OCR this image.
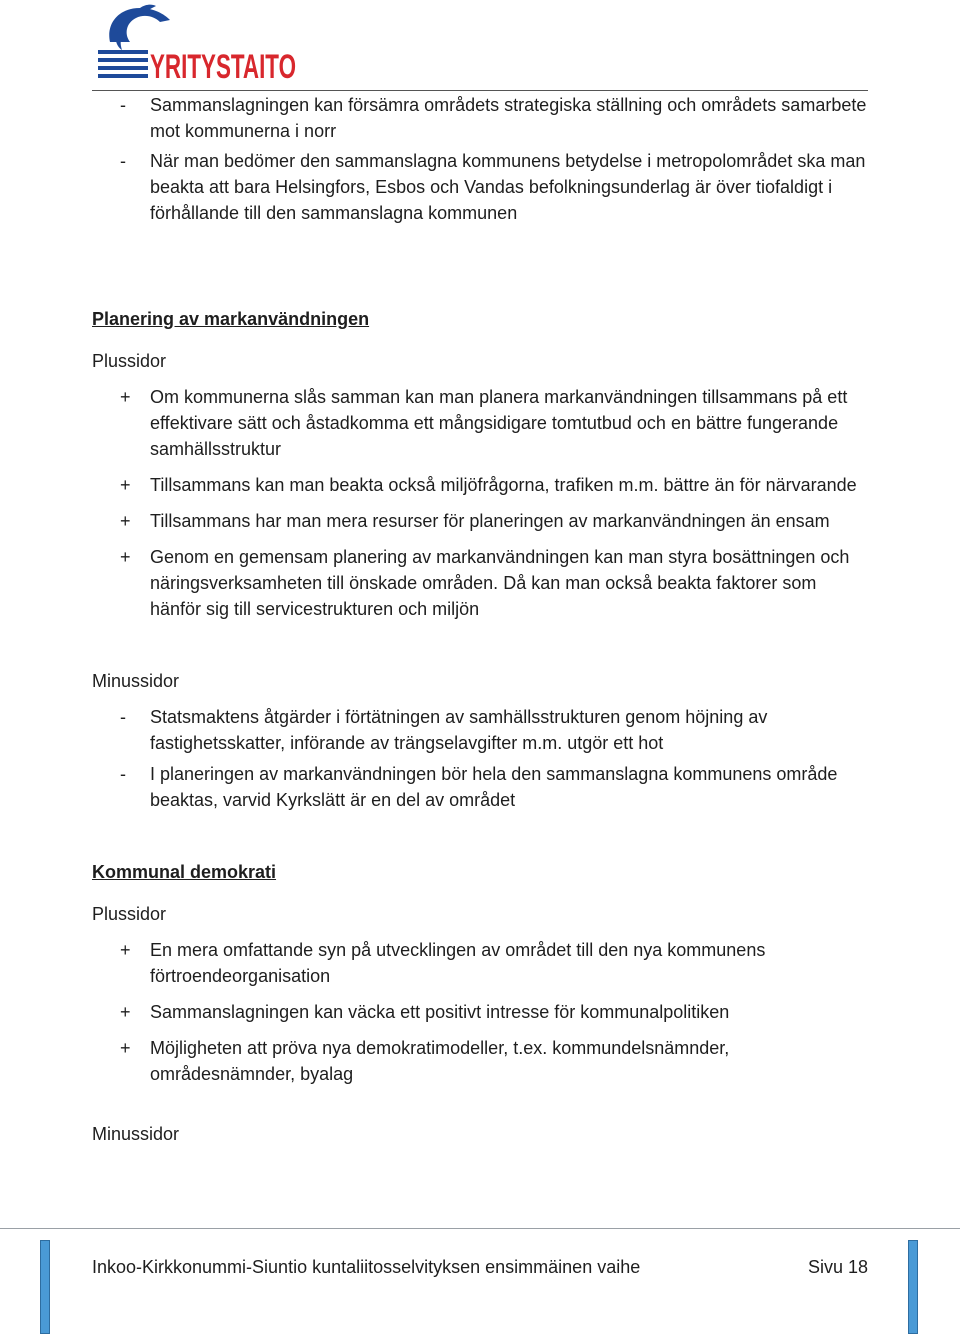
YRITYSTAITO
-	Sammanslagningen kan försämra områdets strategiska ställning och områdets samarbete mot kommunerna i norr
-	När man bedömer den sammanslagna kommunens betydelse i metropolområdet ska man beakta att bara Helsingfors, Esbos och Vandas befolkningsunderlag är över tiofaldigt i förhållande till den sammanslagna kommunen
Planering av markanvändningen
Plussidor
+	Om kommunerna slås samman kan man planera markanvändningen tillsammans på ett effektivare sätt och åstadkomma ett mångsidigare tomtutbud och en bättre fungerande samhällsstruktur
+	Tillsammans kan man beakta också miljöfrågorna, trafiken m.m. bättre än för närvarande
+	Tillsammans har man mera resurser för planeringen av markanvändningen än ensam
+	Genom en gemensam planering av markanvändningen kan man styra bosättningen och näringsverksamheten till önskade områden. Då kan man också beakta faktorer som hänför sig till servicestrukturen och miljön
Minussidor
-	Statsmaktens åtgärder i förtätningen av samhällsstrukturen genom höjning av fastighetsskatter, införande av trängselavgifter m.m. utgör ett hot
-	I planeringen av markanvändningen bör hela den sammanslagna kommunens område beaktas, varvid Kyrkslätt är en del av området
Kommunal demokrati
Plussidor
+	En mera omfattande syn på utvecklingen av området till den nya kommunens förtroendeorganisation
+	Sammanslagningen kan väcka ett positivt intresse för kommunalpolitiken
+	Möjligheten att pröva nya demokratimodeller, t.ex. kommundelsnämnder, områdesnämnder, byalag
Minussidor
Inkoo-Kirkkonummi-Siuntio kuntaliitosselvityksen ensimmäinen vaihe	Sivu 18
